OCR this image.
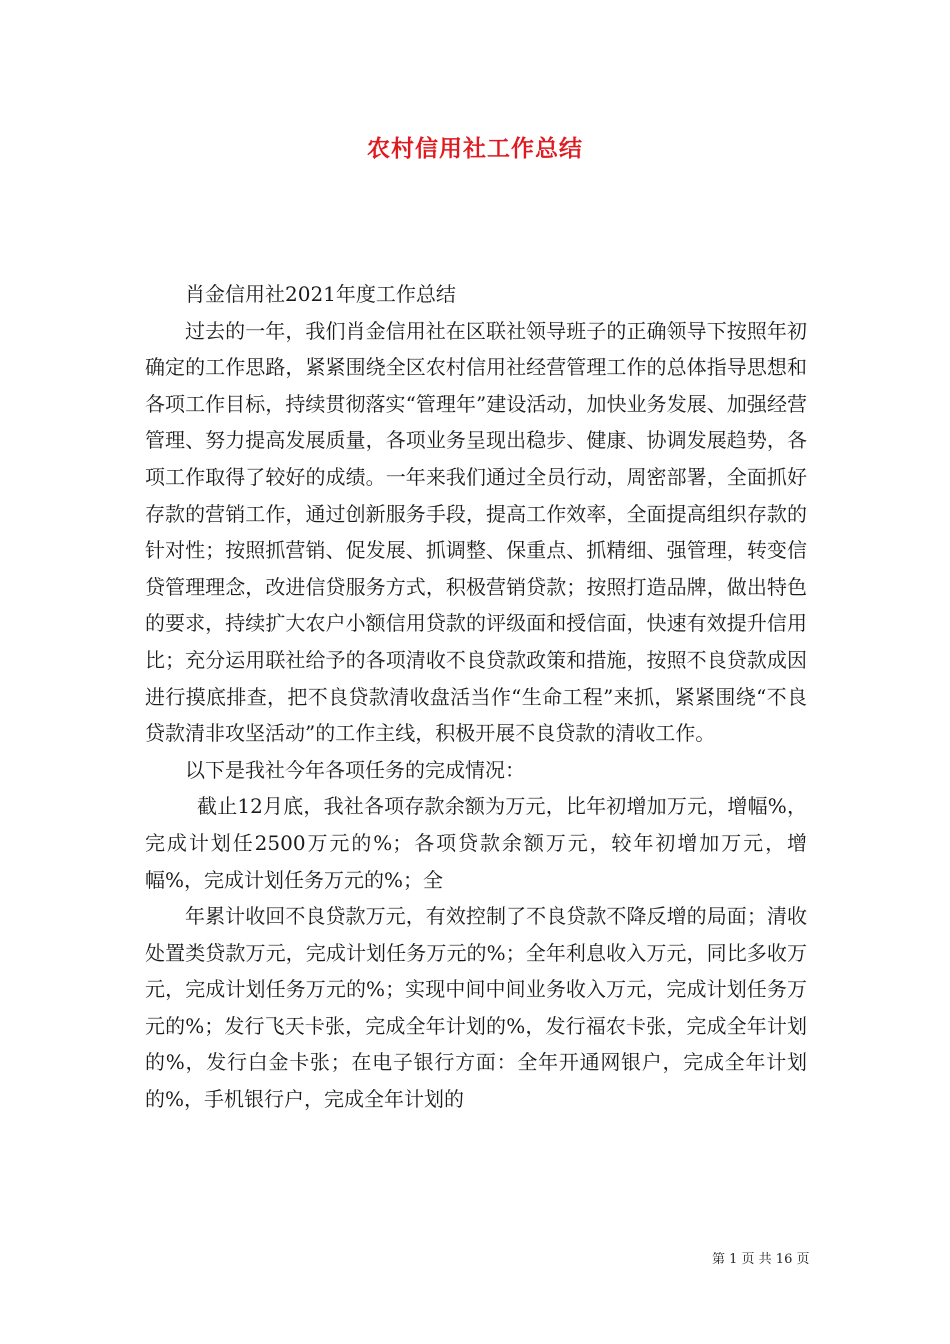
农村信用社工作总结

肖金信用社2021年度工作总结

过去的一年，我们肖金信用社在区联社领导班子的正确领导下按照年初确定的工作思路，紧紧围绕全区农村信用社经营管理工作的总体指导思想和各项工作目标，持续贯彻落实“管理年”建设活动，加快业务发展、加强经营管理、努力提高发展质量，各项业务呈现出稳步、健康、协调发展趋势，各项工作取得了较好的成绩。一年来我们通过全员行动，周密部署，全面抓好存款的营销工作，通过创新服务手段，提高工作效率，全面提高组织存款的针对性；按照抓营销、促发展、抓调整、保重点、抓精细、强管理，转变信贷管理理念，改进信贷服务方式，积极营销贷款；按照打造品牌，做出特色的要求，持续扩大农户小额信用贷款的评级面和授信面，快速有效提升信用比；充分运用联社给予的各项清收不良贷款政策和措施，按照不良贷款成因进行摸底排查，把不良贷款清收盘活当作“生命工程”来抓，紧紧围绕“不良贷款清非攻坚活动”的工作主线，积极开展不良贷款的清收工作。

以下是我社今年各项任务的完成情况：

截止12月底，我社各项存款余额为万元，比年初增加万元，增幅%，完成计划任2500万元的%；各项贷款余额万元，较年初增加万元，增幅%，完成计划任务万元的%；全

年累计收回不良贷款万元，有效控制了不良贷款不降反增的局面；清收处置类贷款万元，完成计划任务万元的%；全年利息收入万元，同比多收万元，完成计划任务万元的%；实现中间中间业务收入万元，完成计划任务万元的%；发行飞天卡张，完成全年计划的%，发行福农卡张，完成全年计划的%，发行白金卡张；在电子银行方面：全年开通网银户，完成全年计划的%，手机银行户，完成全年计划的

第 1 页 共 16 页
